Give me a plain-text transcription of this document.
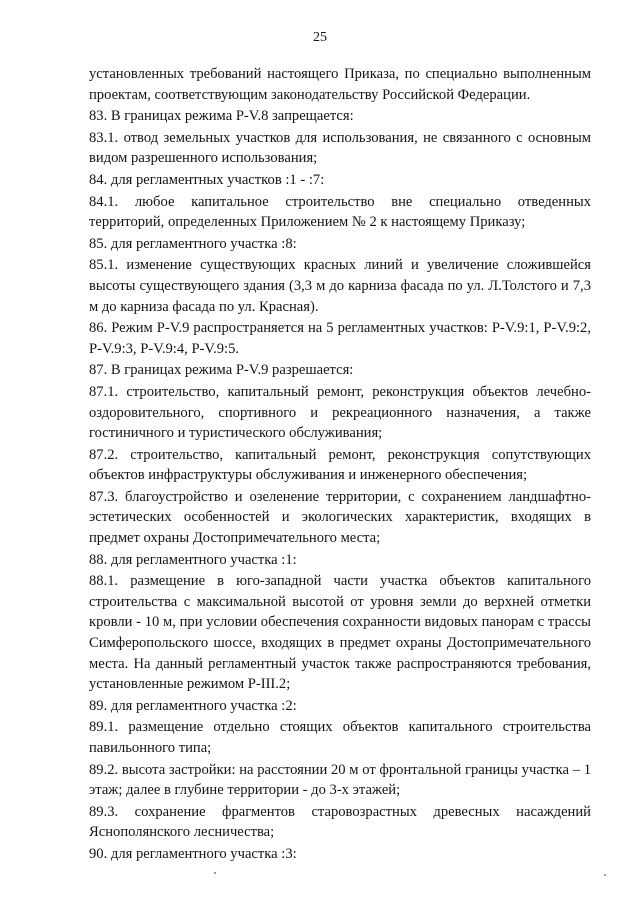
25

установленных требований настоящего Приказа, по специально выполненным проектам, соответствующим законодательству Российской Федерации.

83. В границах режима P-V.8 запрещается:

83.1. отвод земельных участков для использования, не связанного с основным видом разрешенного использования;

84. для регламентных участков :1 - :7:

84.1. любое капитальное строительство вне специально отведенных территорий, определенных Приложением № 2 к настоящему Приказу;

85. для регламентного участка :8:

85.1. изменение существующих красных линий и увеличение сложившейся высоты существующего здания (3,3 м до карниза фасада по ул. Л.Толстого и 7,3 м до карниза фасада по ул. Красная).

86. Режим P-V.9 распространяется на 5 регламентных участков: P-V.9:1, P-V.9:2, P-V.9:3, P-V.9:4, P-V.9:5.

87. В границах режима P-V.9 разрешается:

87.1. строительство, капитальный ремонт, реконструкция объектов лечебно-оздоровительного, спортивного и рекреационного назначения, а также гостиничного и туристического обслуживания;

87.2. строительство, капитальный ремонт, реконструкция сопутствующих объектов инфраструктуры обслуживания и инженерного обеспечения;

87.3. благоустройство и озеленение территории, с сохранением ландшафтно-эстетических особенностей и экологических характеристик, входящих в предмет охраны Достопримечательного места;

88. для регламентного участка :1:

88.1. размещение в юго-западной части участка объектов капитального строительства с максимальной высотой от уровня земли до верхней отметки кровли - 10 м, при условии обеспечения сохранности видовых панорам с трассы Симферопольского шоссе, входящих в предмет охраны Достопримечательного места. На данный регламентный участок также распространяются требования, установленные режимом P-III.2;

89. для регламентного участка :2:

89.1. размещение отдельно стоящих объектов капитального строительства павильонного типа;

89.2. высота застройки: на расстоянии 20 м от фронтальной границы участка – 1 этаж; далее в глубине территории - до 3-х этажей;

89.3. сохранение фрагментов старовозрастных древесных насаждений Яснополянского лесничества;

90. для регламентного участка :3:
